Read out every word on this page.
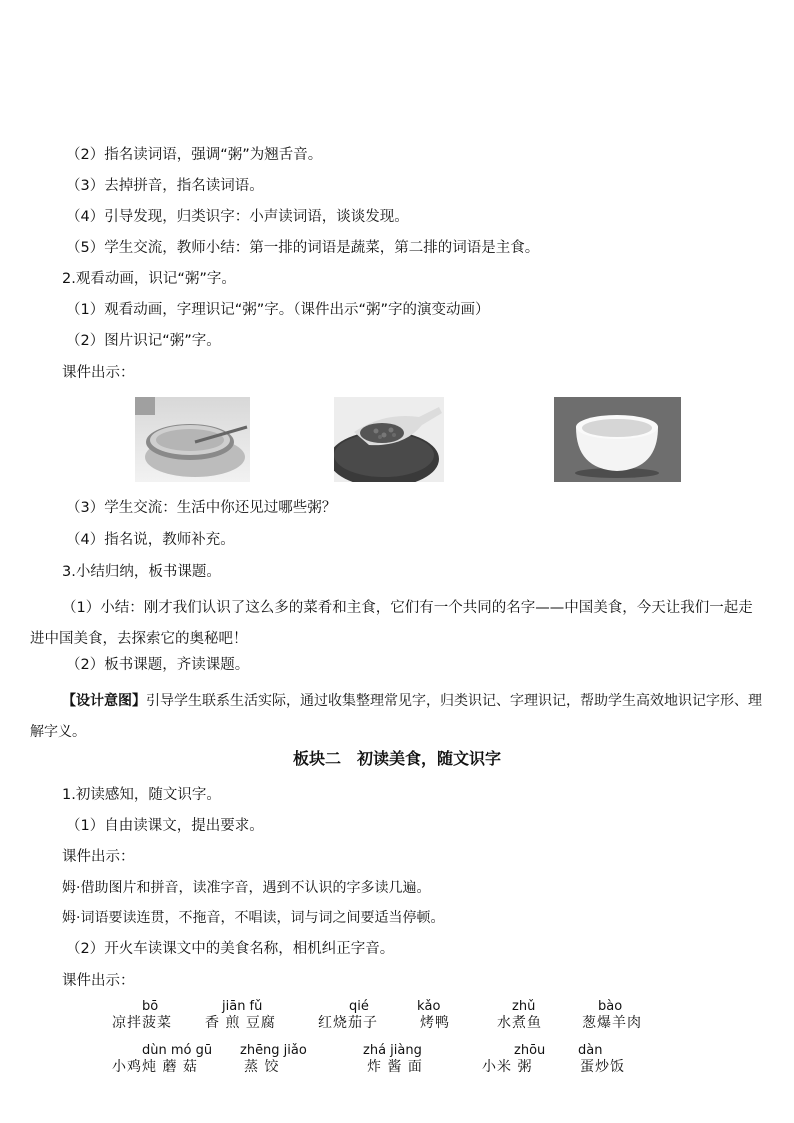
（2）指名读词语，强调“粥”为翘舌音。
（3）去掉拼音，指名读词语。
（4）引导发现，归类识字：小声读词语，谈谈发现。
（5）学生交流，教师小结：第一排的词语是蔬菜，第二排的词语是主食。
2.观看动画，识记“粥”字。
（1）观看动画，字理识记“粥”字。（课件出示“粥”字的演变动画）
（2）图片识记“粥”字。
课件出示：
（3）学生交流：生活中你还见过哪些粥？
（4）指名说，教师补充。
3.小结归纳，板书课题。
（1）小结：刚才我们认识了这么多的菜肴和主食，它们有一个共同的名字——中国美食，今天让我们一起走进中国美食，去探索它的奥秘吧！
（2）板书课题，齐读课题。
【设计意图】引导学生联系生活实际，通过收集整理常见字，归类识记、字理识记，帮助学生高效地识记字形、理解字义。
板块二　初读美食，随文识字
1.初读感知，随文识字。
（1）自由读课文，提出要求。
课件出示：
姆·借助图片和拼音，读准字音，遇到不认识的字多读几遍。
姆·词语要读连贯，不拖音，不唱读，词与词之间要适当停顿。
（2）开火车读课文中的美食名称，相机纠正字音。
课件出示：
bō
凉拌菠菜
jiān fǔ
香 煎 豆腐
qié
红烧茄子
kǎo
烤鸭
zhǔ
水煮鱼
bào
葱爆羊肉
dùn mó gū
小鸡炖 蘑 菇
zhēng jiǎo
蒸 饺
zhá jiàng
炸 酱 面
zhōu
小米 粥
dàn
蛋炒饭
